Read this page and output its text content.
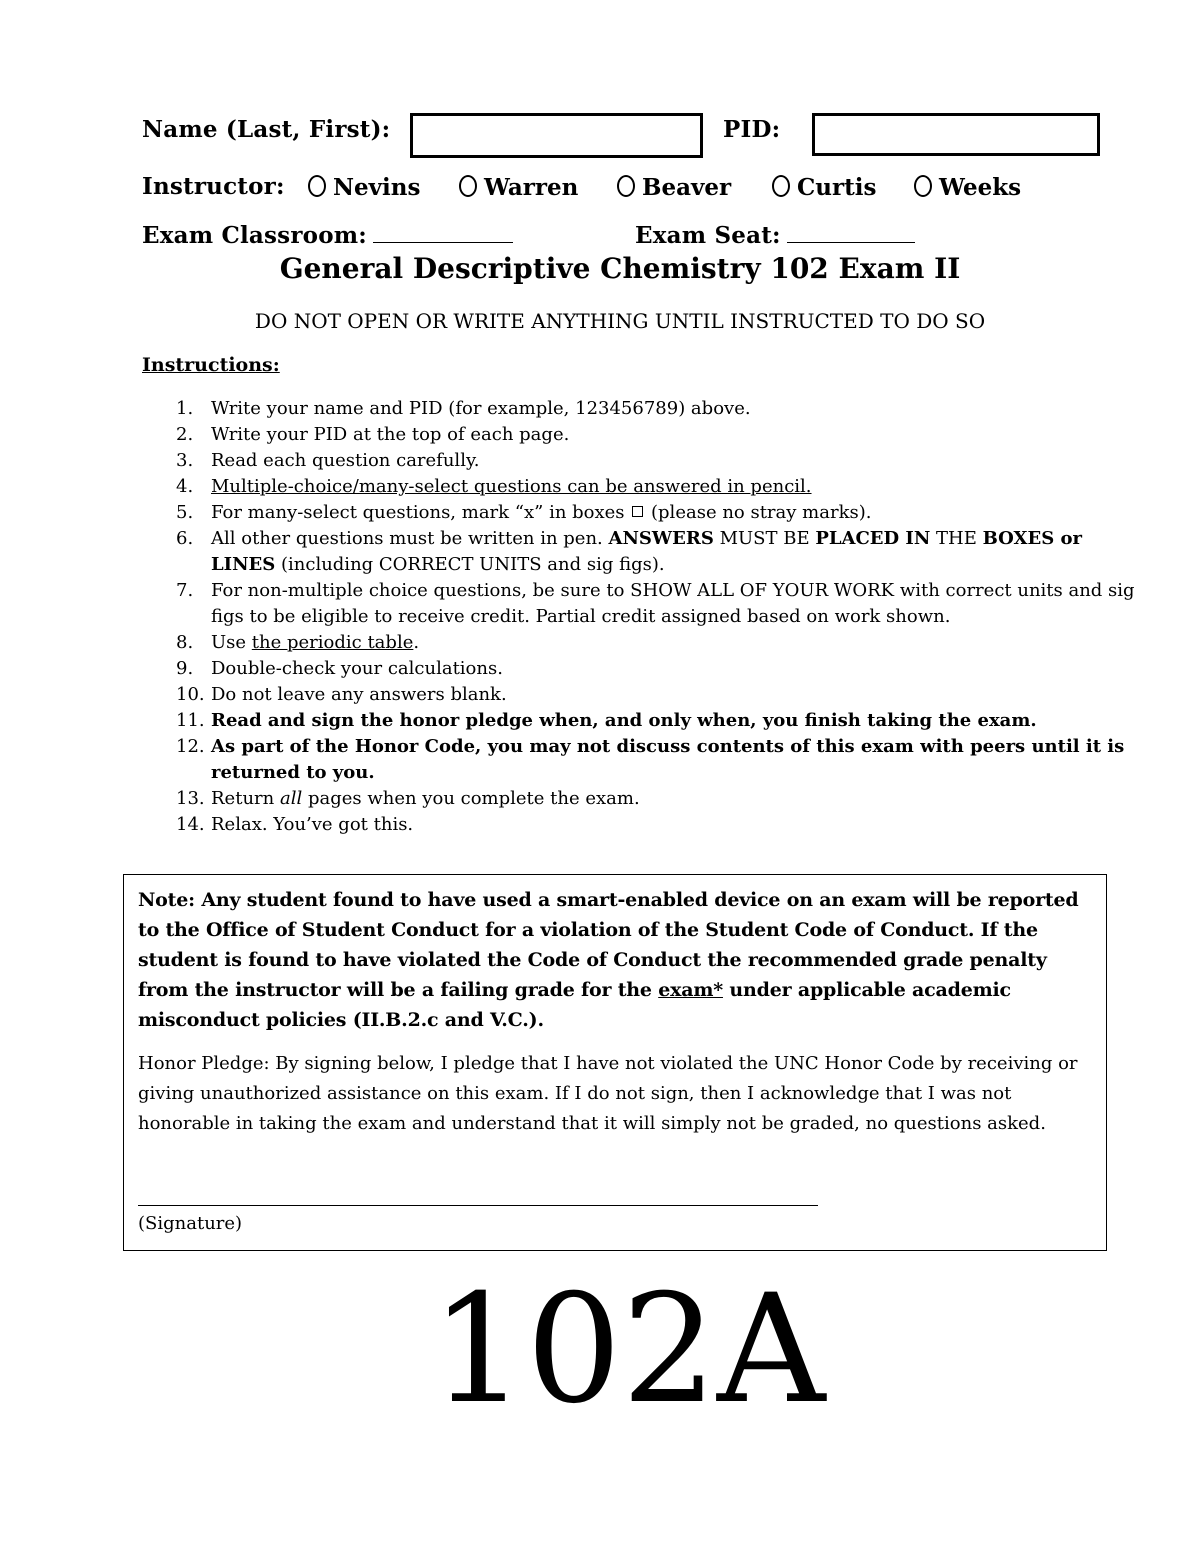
Name (Last, First):	PID:
Instructor: Nevins	Warren	Beaver	Curtis	Weeks
Exam Classroom:	Exam Seat:
General Descriptive Chemistry 102 Exam II
DO NOT OPEN OR WRITE ANYTHING UNTIL INSTRUCTED TO DO SO
Instructions:
1. Write your name and PID (for example, 123456789) above.
2. Write your PID at the top of each page.
3. Read each question carefully.
4. Multiple-choice/many-select questions can be answered in pencil.
5. For many-select questions, mark “x” in boxes (please no stray marks).
6. All other questions must be written in pen. ANSWERS MUST BE PLACED IN THE BOXES or LINES (including CORRECT UNITS and sig figs).
7. For non-multiple choice questions, be sure to SHOW ALL OF YOUR WORK with correct units and sig figs to be eligible to receive credit. Partial credit assigned based on work shown.
8. Use the periodic table.
9. Double-check your calculations.
10. Do not leave any answers blank.
11. Read and sign the honor pledge when, and only when, you finish taking the exam.
12. As part of the Honor Code, you may not discuss contents of this exam with peers until it is returned to you.
13. Return all pages when you complete the exam.
14. Relax. You’ve got this.
Note: Any student found to have used a smart-enabled device on an exam will be reported to the Office of Student Conduct for a violation of the Student Code of Conduct. If the student is found to have violated the Code of Conduct the recommended grade penalty from the instructor will be a failing grade for the exam* under applicable academic misconduct policies (II.B.2.c and V.C.).
Honor Pledge: By signing below, I pledge that I have not violated the UNC Honor Code by receiving or giving unauthorized assistance on this exam. If I do not sign, then I acknowledge that I was not honorable in taking the exam and understand that it will simply not be graded, no questions asked.
(Signature)
102A
